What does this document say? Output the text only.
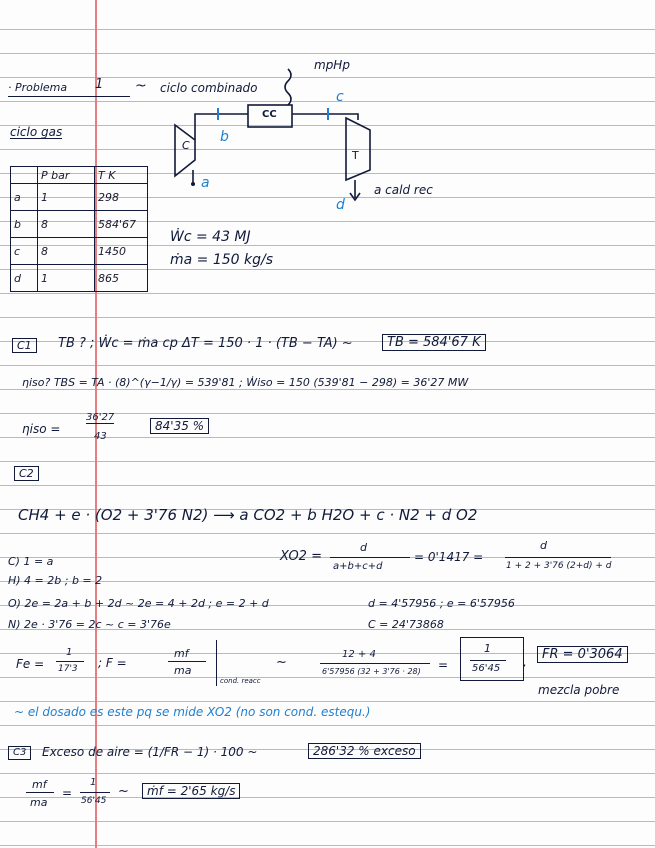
· Problema 1 ~ ciclo combinado
ciclo gas
mpHp
CC
C
T
a
b
c
d
a cald rec
	P bar	T K
a	1	298
b	8	584'67
c	8	1450
d	1	865
Ẇc = 43 MJ
ṁa = 150 kg/s
C1	TB ? ; Ẇc = ṁa cp ΔT = 150 · 1 · (TB − TA) ~	TB = 584'67 K
ηiso? TBS = TA · (8)^(γ−1/γ) = 539'81 ; Ẇiso = 150 (539'81 − 298) = 36'27 MW
ηiso =
36'27
43
84'35 %
C2
CH4 + e · (O2 + 3'76 N2) ⟶ a CO2 + b H2O + c · N2 + d O2
XO2 =
d
a+b+c+d
= 0'1417 =
d
1 + 2 + 3'76 (2+d) + d
C) 1 = a
H) 4 = 2b ; b = 2
O) 2e = 2a + b + 2d ~ 2e = 4 + 2d ; e = 2 + d	d = 4'57956 ; e = 6'57956
N) 2e · 3'76 = 2c ~ c = 3'76e	C = 24'73868
Fe =
1
17'3 ; F =
mf
ma
cond. reacc
~
12 + 4
6'57956 (32 + 3'76 · 28) =
1
56'45 ,	FR = 0'3064
mezcla pobre
~ el dosado es este pq se mide XO2 (no son cond. estequ.)
C3	Exceso de aire = (1/FR − 1) · 100 ~	286'32 % exceso
mf
ma
=
1
56'45
~	ṁf = 2'65 kg/s
